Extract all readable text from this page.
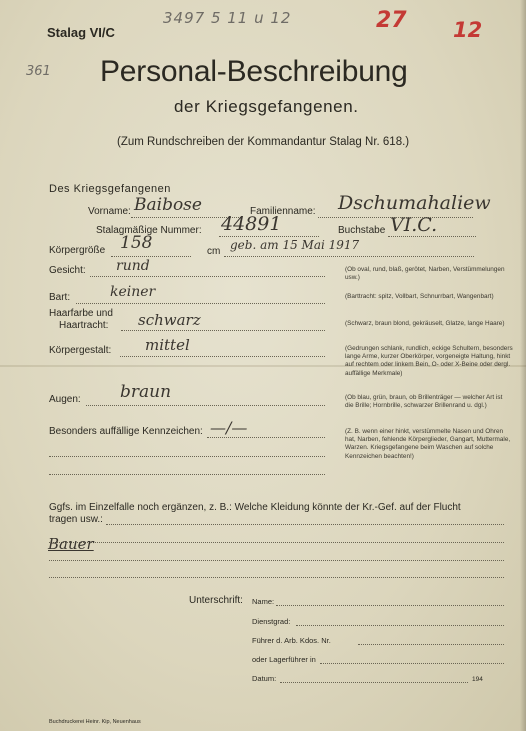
Stalag VI/C
3497 5 11 u 12	27 12
361 Personal-Beschreibung
der Kriegsgefangenen.
(Zum Rundschreiben der Kommandantur Stalag Nr. 618.)
Des Kriegsgefangenen
Vorname: Baibose	Familienname: Dschumahaliew
Stalagmäßige Nummer: 44891	Buchstabe VI.C.
Körpergröße 158	cm geb. am 15 Mai 1917
Gesicht: rund	(Ob oval, rund, blaß, gerötet, Narben, Verstümmelungen usw.)
Bart:	keiner	(Barttracht: spitz, Vollbart, Schnurrbart, Wangenbart)
Haarfarbe und
Haartracht: schwarz	(Schwarz, braun blond, gekräuselt, Glatze, lange Haare)
Körpergestalt: mittel	(Gedrungen schlank, rundlich, eckige Schultern, besonders lange Arme, kurzer Oberkörper, vorgeneigte Haltung, hinkt auf rechtem oder linkem Bein, O- oder X-Beine oder dergl. auffällige Merkmale)
Augen: braun	(Ob blau, grün, braun, ob Brillenträger — welcher Art ist die Brille; Hornbrille, schwarzer Brillenrand u. dgl.)
Besonders auffällige Kennzeichen: —/—	(Z. B. wenn einer hinkt, verstümmelte Nasen und Ohren hat, Narben, fehlende Körperglieder, Gangart, Muttermale, Warzen. Kriegsgefangene beim Waschen auf solche Kennzeichen beachten!)
Ggfs. im Einzelfalle noch ergänzen, z. B.: Welche Kleidung könnte der Kr.-Gef. auf der Flucht
tragen usw.:
Bauer
Unterschrift: Name:
Dienstgrad:
Führer d. Arb. Kdos. Nr.
oder Lagerführer in
Datum:	194
Buchdruckerei Heinr. Kip, Neuenhaus
